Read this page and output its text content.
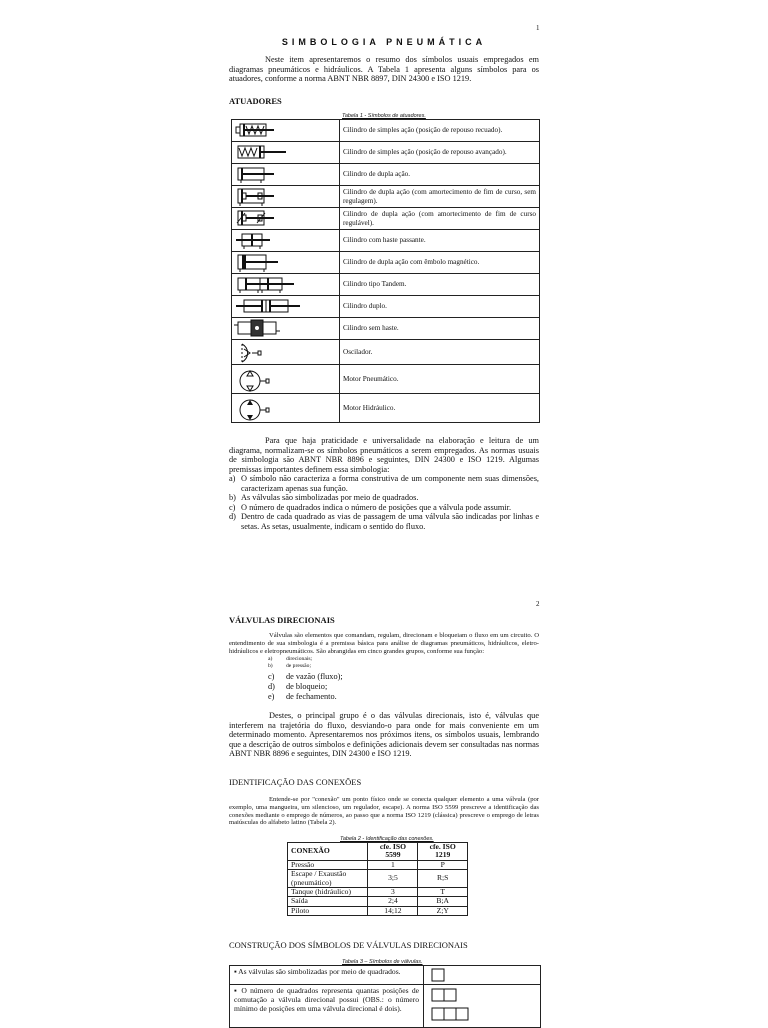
1
SIMBOLOGIA PNEUMÁTICA
Neste item apresentaremos o resumo dos símbolos usuais empregados em diagramas pneumáticos e hidráulicos. A Tabela 1 apresenta alguns símbolos para os atuadores, conforme a norma ABNT NBR 8897, DIN 24300 e ISO 1219.
ATUADORES
Tabela 1 - Símbolos de atuadores.
	Cilindro de simples ação (posição de repouso recuado).

	Cilindro de simples ação (posição de repouso avançado).

	Cilindro de dupla ação.

	Cilindro de dupla ação (com amortecimento de fim de curso, sem regulagem).

	Cilindro de dupla ação (com amortecimento de fim de curso regulável).

	Cilindro com haste passante.

	Cilindro de dupla ação com êmbolo magnético.

	Cilindro tipo Tandem.

	Cilindro duplo.

	Cilindro sem haste.

	Oscilador.

	Motor Pneumático.

	Motor Hidráulico.
Para que haja praticidade e universalidade na elaboração e leitura de um diagrama, normalizam-se os símbolos pneumáticos a serem empregados. As normas usuais de simbologia são ABNT NBR 8896 e seguintes, DIN 24300 e ISO 1219. Algumas premissas importantes definem essa simbologia:
a) O símbolo não caracteriza a forma construtiva de um componente nem suas dimensões, caracterizam apenas sua função.
b) As válvulas são simbolizadas por meio de quadrados.
c) O número de quadrados indica o número de posições que a válvula pode assumir.
d) Dentro de cada quadrado as vias de passagem de uma válvula são indicadas por linhas e setas. As setas, usualmente, indicam o sentido do fluxo.
2
VÁLVULAS DIRECIONAIS
Válvulas são elementos que comandam, regulam, direcionam e bloqueiam o fluxo em um circuito. O entendimento de sua simbologia é a premissa básica para análise de diagramas pneumáticos, hidráulicos, eletro-hidráulicos e eletropneumáticos. São abrangidas em cinco grandes grupos, conforme sua função:
a)	direcionais;
b)	de pressão;
c)	de vazão (fluxo);
d)	de bloqueio;
e)	de fechamento.
Destes, o principal grupo é o das válvulas direcionais, isto é, válvulas que interferem na trajetória do fluxo, desviando-o para onde for mais conveniente em um determinado momento. Apresentaremos nos próximos itens, os símbolos usuais, lembrando que a descrição de outros símbolos e definições adicionais devem ser consultadas nas normas ABNT NBR 8896 e seguintes, DIN 24300 e ISO 1219.
IDENTIFICAÇÃO DAS CONEXÕES
Entende-se por "conexão" um ponto físico onde se conecta qualquer elemento a uma válvula (por exemplo, uma mangueira, um silenciosо, um regulador, escape). A norma ISO 5599 prescreve a identificação das conexões mediante o emprego de números, ao passo que a norma ISO 1219 (clássica) prescreve o emprego de letras maiúsculas do alfabeto latino (Tabela 2).
Tabela 2 - Identificação das conexões.
CONEXÃO	cfe. ISO 5599	cfe. ISO 1219
Pressão	1	P
Escape / Exaustão (pneumático)	3;5	R;S
Tanque (hidráulico)	3	T
Saída	2;4	B;A
Piloto	14;12	Z;Y
CONSTRUÇÃO DOS SÍMBOLOS DE VÁLVULAS DIRECIONAIS
Tabela 3 – Símbolos de válvulas.
▪ As válvulas são simbolizadas por meio de quadrados.	

▪ O número de quadrados representa quantas posições de comutação a válvula direcional possui (OBS.: o número mínimo de posições em uma válvula direcional é dois).	
